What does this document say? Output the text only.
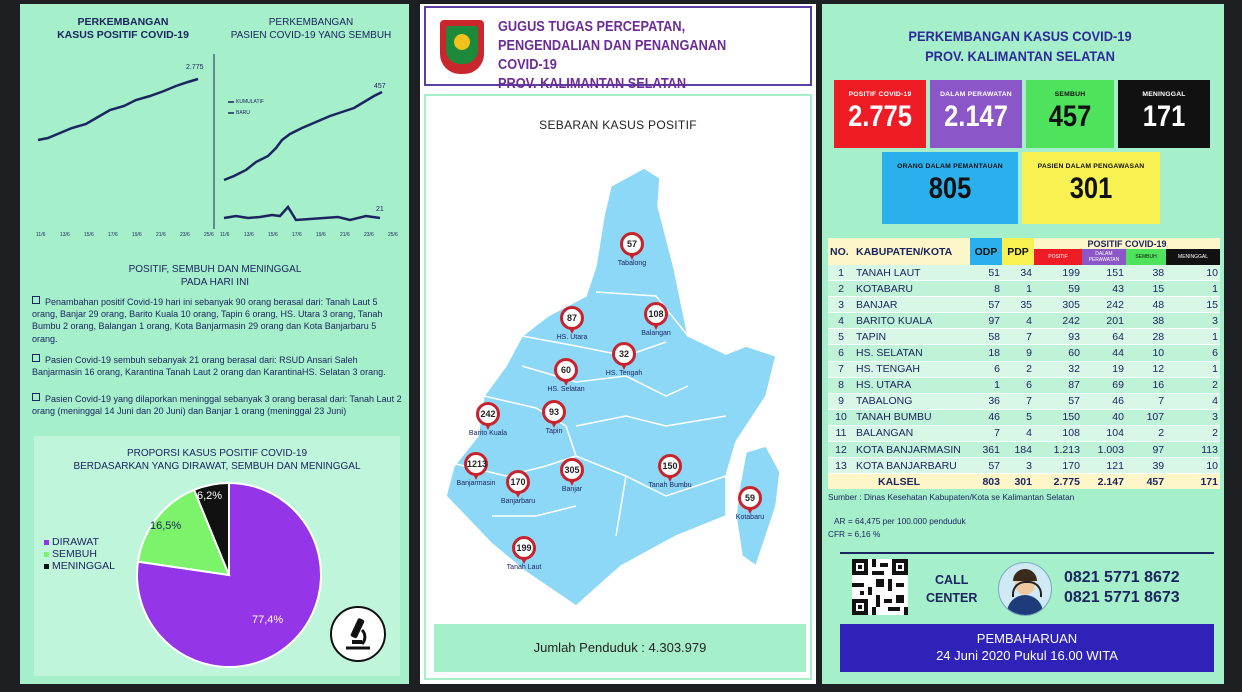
PERKEMBANGAN
KASUS POSITIF COVID-19
PERKEMBANGAN
PASIEN COVID-19 YANG SEMBUH
2.775
457
21
KUMULATIF
BARU
11/6	13/6	15/6	17/6	19/6	21/6	23/6	25/6 11/6	13/6	15/6	17/6	19/6	21/6	23/6	25/6
POSITIF, SEMBUH DAN MENINGGAL
PADA HARI INI
Penambahan positif Covid-19 hari ini sebanyak 90 orang berasal dari: Tanah Laut 5 orang, Banjar 29 orang, Barito Kuala 10 orang, Tapin 6 orang, HS. Utara 3 orang, Tanah Bumbu 2 orang, Balangan 1 orang, Kota Banjarmasin 29 orang dan Kota Banjarbaru 5 orang.
Pasien Covid-19 sembuh sebanyak 21 orang berasal dari: RSUD Ansari Saleh Banjarmasin 16 orang, Karantina Tanah Laut 2 orang dan KarantinaHS. Selatan 3 orang.
Pasien Covid-19 yang dilaporkan meninggal sebanyak 3 orang berasal dari: Tanah Laut 2 orang (meninggal 14 Juni dan 20 Juni) dan Banjar 1 orang (meninggal 23 Juni)
PROPORSI KASUS POSITIF COVID-19
BERDASARKAN YANG DIRAWAT, SEMBUH DAN MENINGGAL
77,4%
16,5%
6,2%
DIRAWAT
SEMBUH
MENINGGAL
GUGUS TUGAS PERCEPATAN,
PENGENDALIAN DAN PENANGANAN COVID-19
PROV. KALIMANTAN SELATAN
SEBARAN KASUS POSITIF
57
Tabalong
108
Balangan
87
HS. Utara
32
HS. Tengah
60
HS. Selatan
242
Barito Kuala
93
Tapin
1213
Banjarmasin	170
Banjarbaru
305
Banjar
150
Tanah Bumbu
59
Kotabaru
199
Tanah Laut
Jumlah Penduduk : 4.303.979
PERKEMBANGAN KASUS COVID-19
PROV. KALIMANTAN SELATAN
POSITIF COVID-19
2.775
DALAM PERAWATAN
2.147
SEMBUH
457
MENINGGAL
171
ORANG DALAM PEMANTAUAN
805
PASIEN DALAM PENGAWASAN
301
NO.	KABUPATEN/KOTA	ODP	PDP	POSITIF COVID-19			
				POSITIF	DALAM PERAWATAN	SEMBUH	MENINGGAL
1	TANAH LAUT	51	34	199	151	38	10
2	KOTABARU	8	1	59	43	15	1
3	BANJAR	57	35	305	242	48	15
4	BARITO KUALA	97	4	242	201	38	3
5	TAPIN	58	7	93	64	28	1
6	HS. SELATAN	18	9	60	44	10	6
7	HS. TENGAH	6	2	32	19	12	1
8	HS. UTARA	1	6	87	69	16	2
9	TABALONG	36	7	57	46	7	4
10	TANAH BUMBU	46	5	150	40	107	3
11	BALANGAN	7	4	108	104	2	2
12	KOTA BANJARMASIN	361	184	1.213	1.003	97	113
13	KOTA BANJARBARU	57	3	170	121	39	10
KALSEL		803	301	2.775	2.147	457	171
Sumber : Dinas Kesehatan Kabupaten/Kota se Kalimantan Selatan
AR = 64,475 per 100.000 penduduk
CFR = 6,16 %
CALL
CENTER
0821 5771 8672
0821 5771 8673
PEMBAHARUAN
24 Juni 2020 Pukul 16.00 WITA
